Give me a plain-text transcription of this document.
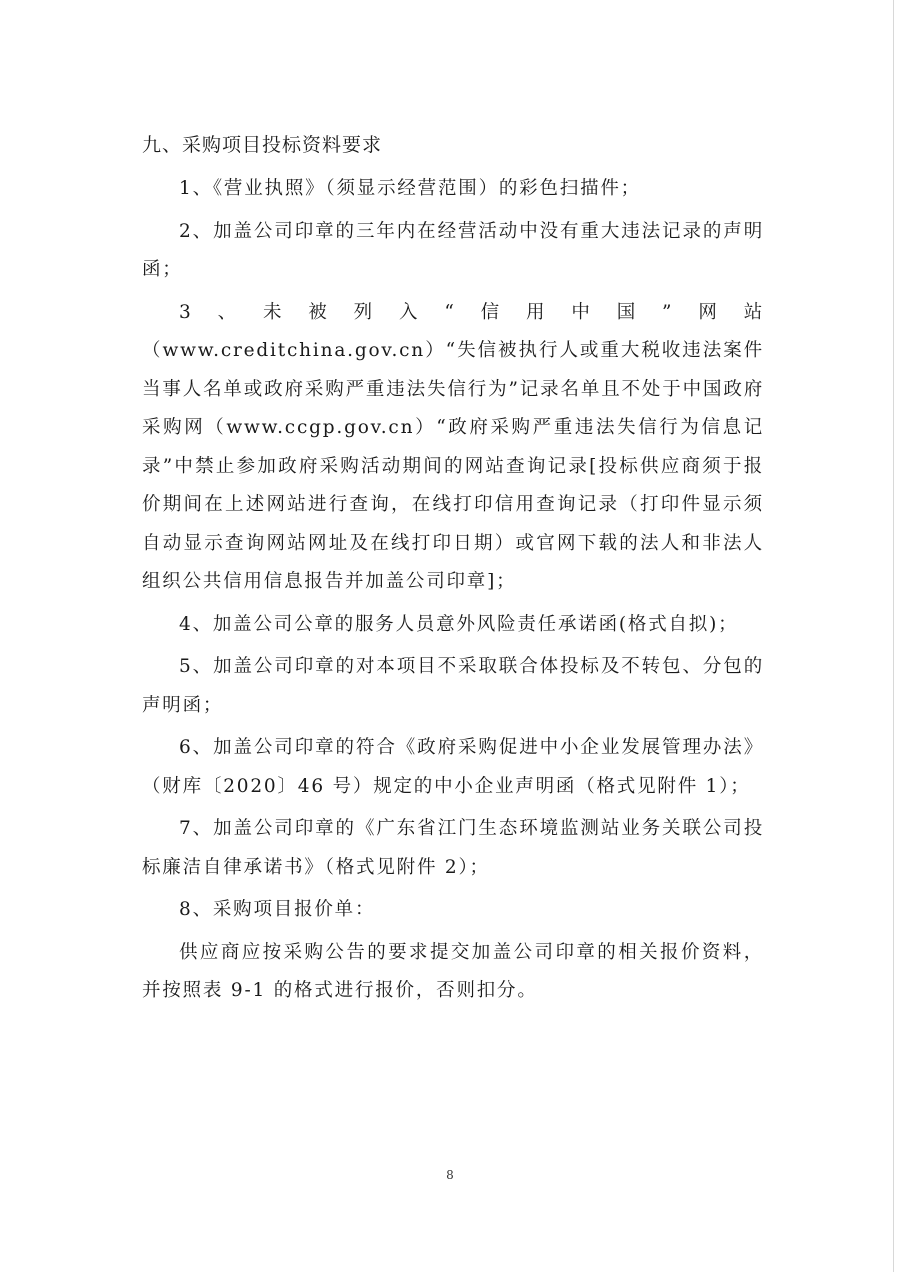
九、采购项目投标资料要求

1、《营业执照》（须显示经营范围）的彩色扫描件；

2、加盖公司印章的三年内在经营活动中没有重大违法记录的声明函；

3、未被列入“信用中国”网站（www.creditchina.gov.cn）“失信被执行人或重大税收违法案件当事人名单或政府采购严重违法失信行为”记录名单且不处于中国政府采购网（www.ccgp.gov.cn）“政府采购严重违法失信行为信息记录”中禁止参加政府采购活动期间的网站查询记录[投标供应商须于报价期间在上述网站进行查询，在线打印信用查询记录（打印件显示须自动显示查询网站网址及在线打印日期）或官网下载的法人和非法人组织公共信用信息报告并加盖公司印章]；

4、加盖公司公章的服务人员意外风险责任承诺函(格式自拟)；

5、加盖公司印章的对本项目不采取联合体投标及不转包、分包的声明函；

6、加盖公司印章的符合《政府采购促进中小企业发展管理办法》（财库〔2020〕46 号）规定的中小企业声明函（格式见附件 1）；

7、加盖公司印章的《广东省江门生态环境监测站业务关联公司投标廉洁自律承诺书》（格式见附件 2）；

8、采购项目报价单：

供应商应按采购公告的要求提交加盖公司印章的相关报价资料，并按照表 9-1 的格式进行报价，否则扣分。

8
